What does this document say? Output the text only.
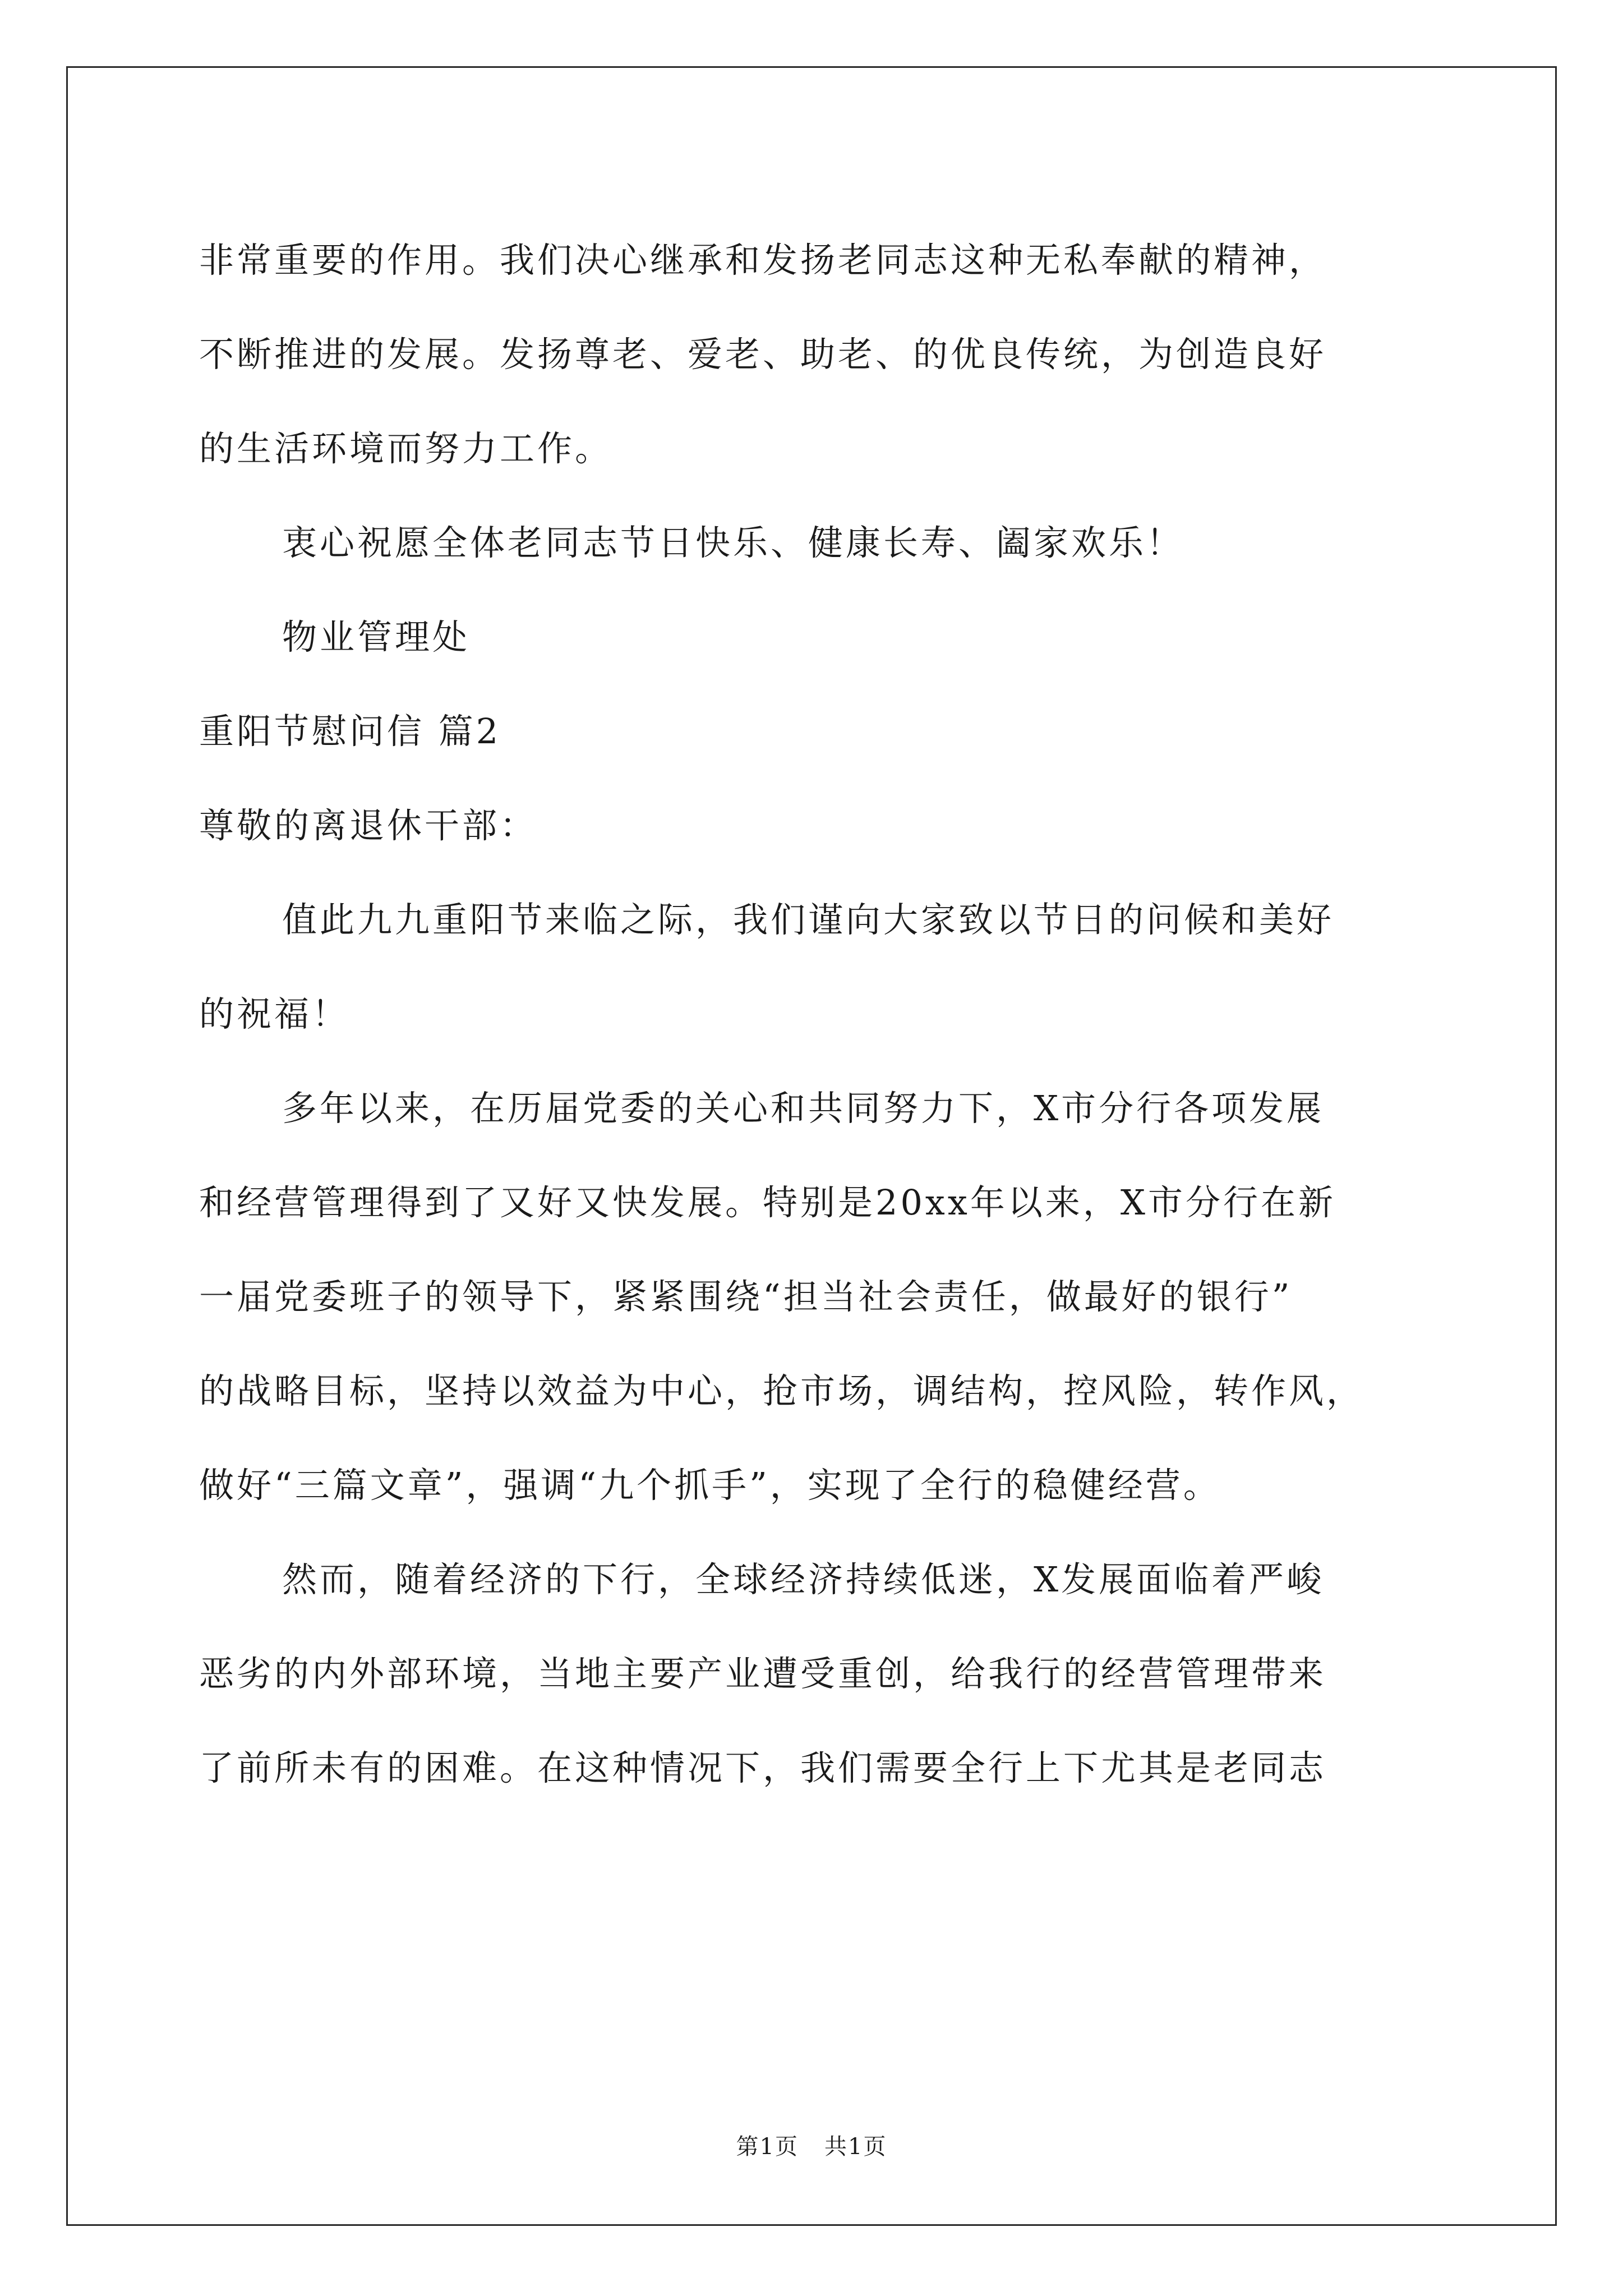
非常重要的作用。我们决心继承和发扬老同志这种无私奉献的精神，
不断推进的发展。发扬尊老、爱老、助老、的优良传统，为创造良好
的生活环境而努力工作。
衷心祝愿全体老同志节日快乐、健康长寿、阖家欢乐！
物业管理处
重阳节慰问信 篇2
尊敬的离退休干部：
值此九九重阳节来临之际，我们谨向大家致以节日的问候和美好
的祝福！
多年以来，在历届党委的关心和共同努力下，X市分行各项发展
和经营管理得到了又好又快发展。特别是20xx年以来，X市分行在新
一届党委班子的领导下，紧紧围绕“担当社会责任，做最好的银行”
的战略目标，坚持以效益为中心，抢市场，调结构，控风险，转作风，
做好“三篇文章”，强调“九个抓手”，实现了全行的稳健经营。
然而，随着经济的下行，全球经济持续低迷，X发展面临着严峻
恶劣的内外部环境，当地主要产业遭受重创，给我行的经营管理带来
了前所未有的困难。在这种情况下，我们需要全行上下尤其是老同志
第1页 共1页
